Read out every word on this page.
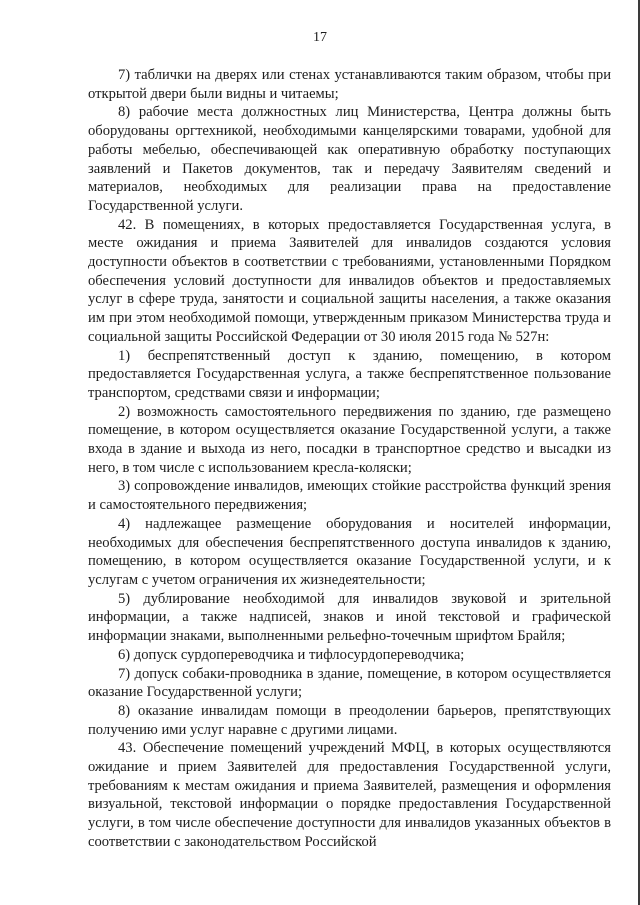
17

7) таблички на дверях или стенах устанавливаются таким образом, чтобы при открытой двери были видны и читаемы;

8) рабочие места должностных лиц Министерства, Центра должны быть оборудованы оргтехникой, необходимыми канцелярскими товарами, удобной для работы мебелью, обеспечивающей как оперативную обработку поступающих заявлений и Пакетов документов, так и передачу Заявителям сведений и материалов, необходимых для реализации права на предоставление Государственной услуги.

42. В помещениях, в которых предоставляется Государственная услуга, в месте ожидания и приема Заявителей для инвалидов создаются условия доступности объектов в соответствии с требованиями, установленными Порядком обеспечения условий доступности для инвалидов объектов и предоставляемых услуг в сфере труда, занятости и социальной защиты населения, а также оказания им при этом необходимой помощи, утвержденным приказом Министерства труда и социальной защиты Российской Федерации от 30 июля 2015 года № 527н:

1) беспрепятственный доступ к зданию, помещению, в котором предоставляется Государственная услуга, а также беспрепятственное пользование транспортом, средствами связи и информации;

2) возможность самостоятельного передвижения по зданию, где размещено помещение, в котором осуществляется оказание Государственной услуги, а также входа в здание и выхода из него, посадки в транспортное средство и высадки из него, в том числе с использованием кресла-коляски;

3) сопровождение инвалидов, имеющих стойкие расстройства функций зрения и самостоятельного передвижения;

4) надлежащее размещение оборудования и носителей информации, необходимых для обеспечения беспрепятственного доступа инвалидов к зданию, помещению, в котором осуществляется оказание Государственной услуги, и к услугам с учетом ограничения их жизнедеятельности;

5) дублирование необходимой для инвалидов звуковой и зрительной информации, а также надписей, знаков и иной текстовой и графической информации знаками, выполненными рельефно-точечным шрифтом Брайля;

6) допуск сурдопереводчика и тифлосурдопереводчика;

7) допуск собаки-проводника в здание, помещение, в котором осуществляется оказание Государственной услуги;

8) оказание инвалидам помощи в преодолении барьеров, препятствующих получению ими услуг наравне с другими лицами.

43. Обеспечение помещений учреждений МФЦ, в которых осуществляются ожидание и прием Заявителей для предоставления Государственной услуги, требованиям к местам ожидания и приема Заявителей, размещения и оформления визуальной, текстовой информации о порядке предоставления Государственной услуги, в том числе обеспечение доступности для инвалидов указанных объектов в соответствии с законодательством Российской
